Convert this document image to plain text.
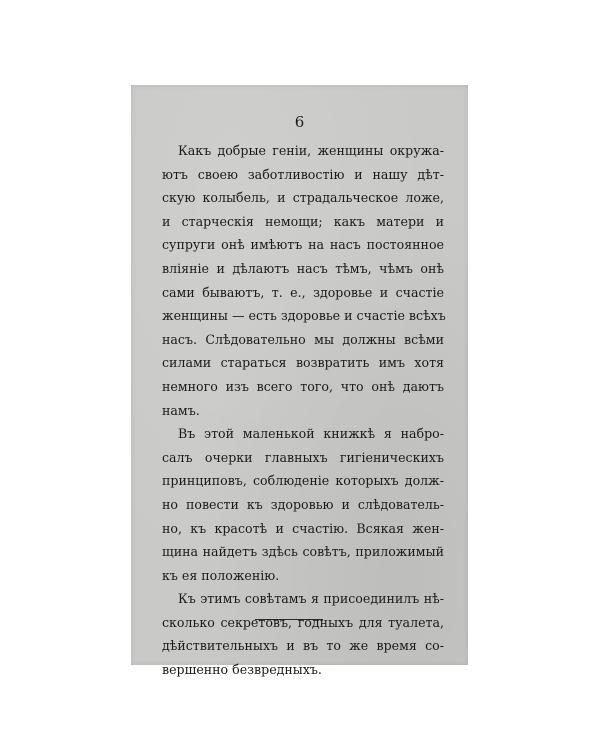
6
Какъ добрые геніи, женщины окружа-
ютъ своею заботливостію и нашу дѣт-
скую колыбель, и страдальческое ложе,
и старческія немощи; какъ матери и
супруги онѣ имѣютъ на насъ постоянное
вліяніе и дѣлаютъ насъ тѣмъ, чѣмъ онѣ
сами бываютъ, т. е., здоровье и счастіе
женщины — есть здоровье и счастіе всѣхъ
насъ. Слѣдовательно мы должны всѣми
силами стараться возвратить имъ хотя
немного изъ всего того, что онѣ даютъ
намъ.
Въ этой маленькой книжкѣ я набро-
салъ очерки главныхъ гигіеническихъ
принциповъ, соблюденіе которыхъ долж-
но повести къ здоровью и слѣдователь-
но, къ красотѣ и счастію. Всякая жен-
щина найдетъ здѣсь совѣтъ, приложимый
къ ея положенію.
Къ этимъ совѣтамъ я присоединилъ нѣ-
сколько секретовъ, годныхъ для туалета,
дѣйствительныхъ и въ то же время со-
вершенно безвредныхъ.
